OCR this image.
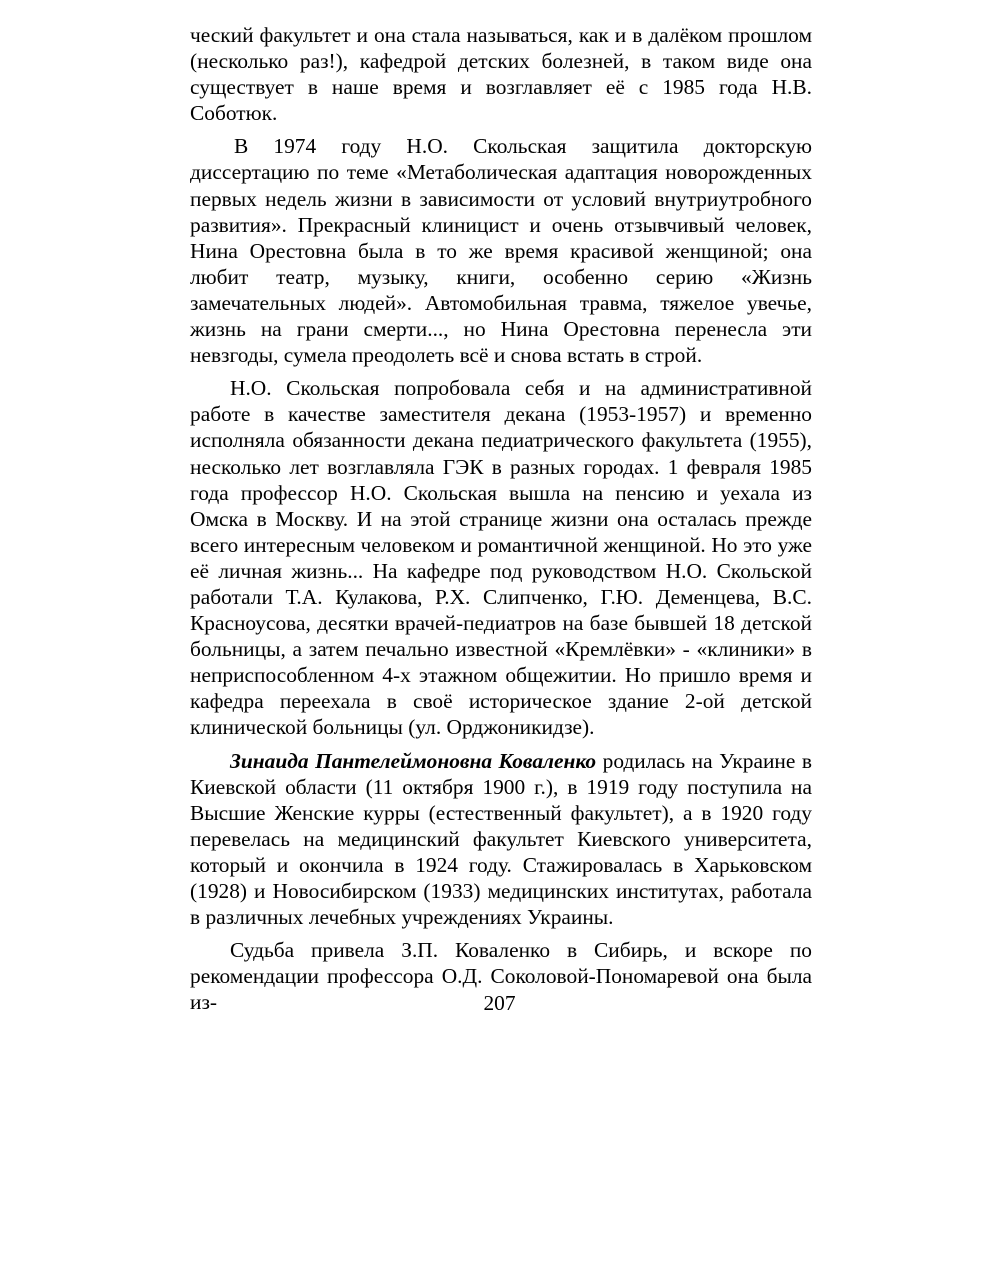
ческий факультет и она стала называться, как и в далёком прошлом (несколько раз!), кафедрой детских болезней, в таком виде она существует в наше время и возглавляет её с 1985 года Н.В. Соботюк.

В 1974 году Н.О. Скольская защитила докторскую диссертацию по теме «Метаболическая адаптация новорожденных первых недель жизни в зависимости от условий внутриутробного развития». Прекрасный клиницист и очень отзывчивый человек, Нина Орестовна была в то же время красивой женщиной; она любит театр, музыку, книги, особенно серию «Жизнь замечательных людей». Автомобильная травма, тяжелое увечье, жизнь на грани смерти..., но Нина Орестовна перенесла эти невзгоды, сумела преодолеть всё и снова встать в строй.

Н.О. Скольская попробовала себя и на административной работе в качестве заместителя декана (1953-1957) и временно исполняла обязанности декана педиатрического факультета (1955), несколько лет возглавляла ГЭК в разных городах. 1 февраля 1985 года профессор Н.О. Скольская вышла на пенсию и уехала из Омска в Москву. И на этой странице жизни она осталась прежде всего интересным человеком и романтичной женщиной. Но это уже её личная жизнь... На кафедре под руководством Н.О. Скольской работали Т.А. Кулакова, Р.Х. Слипченко, Г.Ю. Деменцева, В.С. Красноусова, десятки врачей-педиатров на базе бывшей 18 детской больницы, а затем печально известной «Кремлёвки» - «клиники» в неприспособленном 4-х этажном общежитии. Но пришло время и кафедра переехала в своё историческое здание 2-ой детской клинической больницы (ул. Орджоникидзе).

Зинаида Пантелеймоновна Коваленко родилась на Украине в Киевской области (11 октября 1900 г.), в 1919 году поступила на Высшие Женские курры (естественный факультет), а в 1920 году перевелась на медицинский факультет Киевского университета, который и окончила в 1924 году. Стажировалась в Харьковском (1928) и Новосибирском (1933) медицинских институтах, работала в различных лечебных учреждениях Украины.

Судьба привела З.П. Коваленко в Сибирь, и вскоре по рекомендации профессора О.Д. Соколовой-Пономаревой она была из-	207
